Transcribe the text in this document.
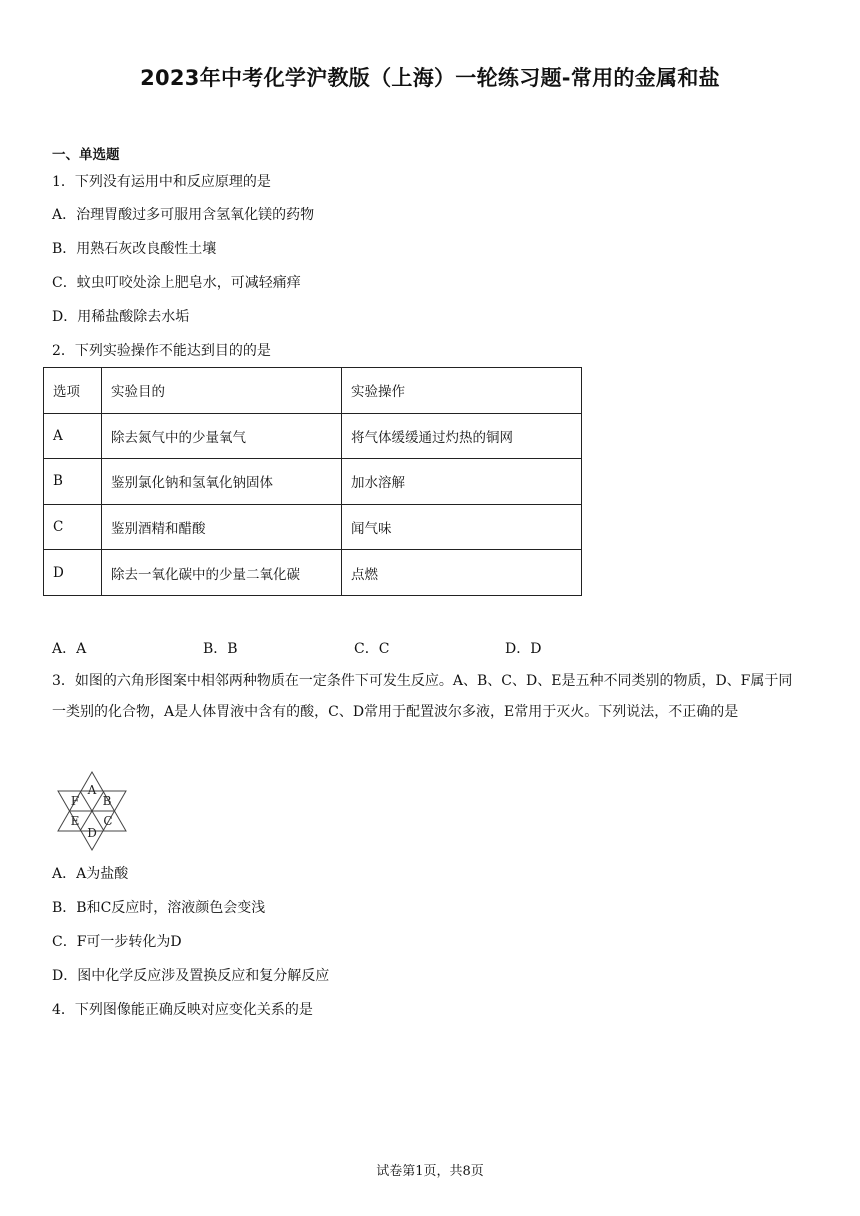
2023年中考化学沪教版（上海）一轮练习题-常用的金属和盐
一、单选题
1．下列没有运用中和反应原理的是
A．治理胃酸过多可服用含氢氧化镁的药物
B．用熟石灰改良酸性土壤
C．蚊虫叮咬处涂上肥皂水，可减轻痛痒
D．用稀盐酸除去水垢
2．下列实验操作不能达到目的的是
选项	实验目的	实验操作
A	除去氮气中的少量氧气	将气体缓缓通过灼热的铜网
B	鉴别氯化钠和氢氧化钠固体	加水溶解
C	鉴别酒精和醋酸	闻气味
D	除去一氧化碳中的少量二氧化碳	点燃
A．A	B．B	C．C	D．D
3．如图的六角形图案中相邻两种物质在一定条件下可发生反应。A、B、C、D、E是五种不同类别的物质，D、F属于同一类别的化合物，A是人体胃液中含有的酸，C、D常用于配置波尔多液，E常用于灭火。下列说法，不正确的是
A
B
C
D
E
F
A．A为盐酸
B．B和C反应时，溶液颜色会变浅
C．F可一步转化为D
D．图中化学反应涉及置换反应和复分解反应
4．下列图像能正确反映对应变化关系的是
试卷第1页，共8页
